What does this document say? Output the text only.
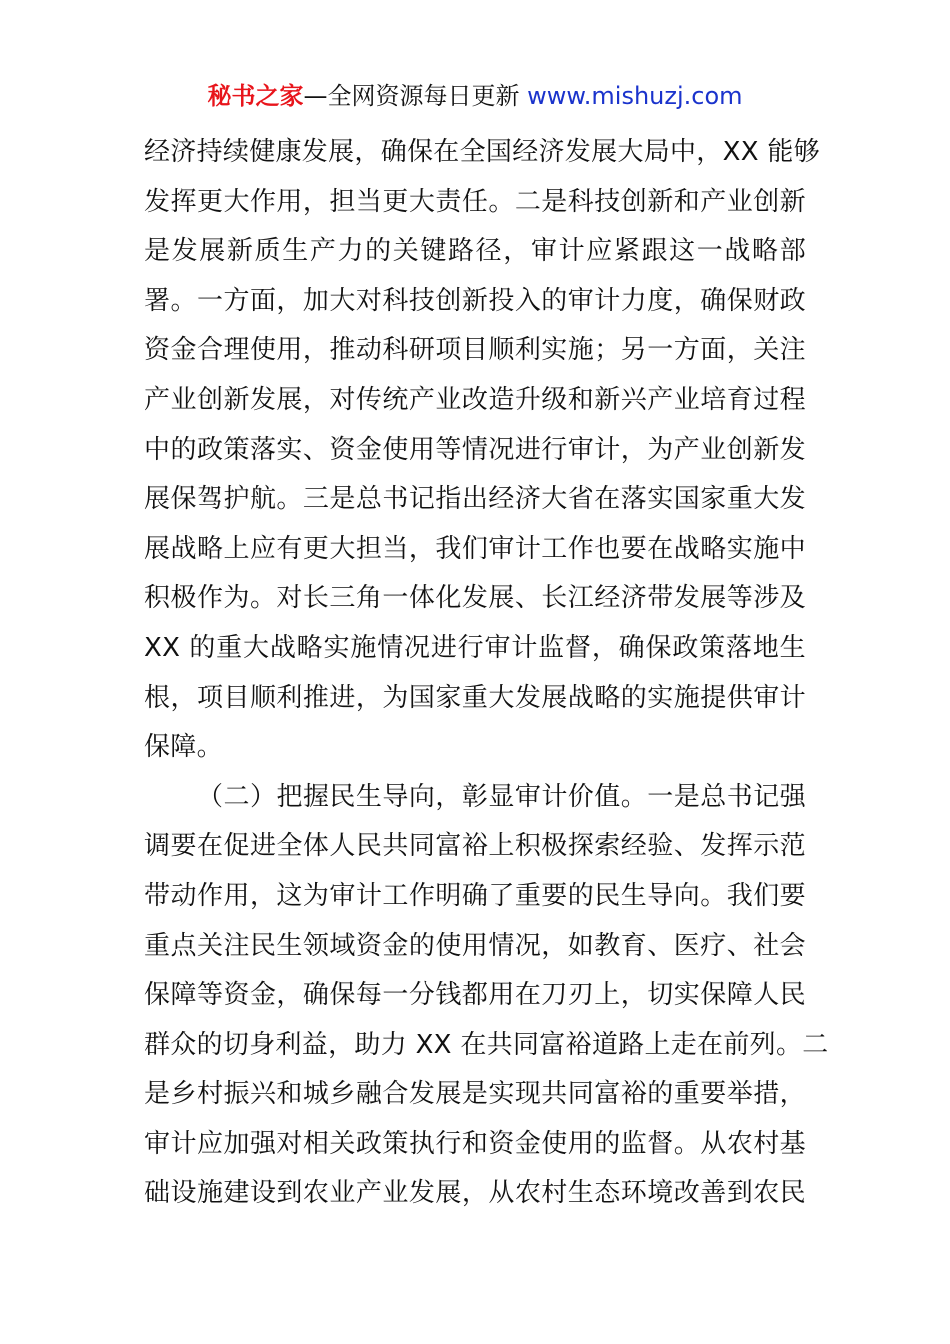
秘书之家—全网资源每日更新 www.mishuzj.com
经济持续健康发展，确保在全国经济发展大局中，XX 能够
发挥更大作用，担当更大责任。二是科技创新和产业创新
是发展新质生产力的关键路径，审计应紧跟这一战略部
署。一方面，加大对科技创新投入的审计力度，确保财政
资金合理使用，推动科研项目顺利实施；另一方面，关注
产业创新发展，对传统产业改造升级和新兴产业培育过程
中的政策落实、资金使用等情况进行审计，为产业创新发
展保驾护航。三是总书记指出经济大省在落实国家重大发
展战略上应有更大担当，我们审计工作也要在战略实施中
积极作为。对长三角一体化发展、长江经济带发展等涉及
XX 的重大战略实施情况进行审计监督，确保政策落地生
根，项目顺利推进，为国家重大发展战略的实施提供审计
保障。
（二）把握民生导向，彰显审计价值。一是总书记强
调要在促进全体人民共同富裕上积极探索经验、发挥示范
带动作用，这为审计工作明确了重要的民生导向。我们要
重点关注民生领域资金的使用情况，如教育、医疗、社会
保障等资金，确保每一分钱都用在刀刃上，切实保障人民
群众的切身利益，助力 XX 在共同富裕道路上走在前列。二
是乡村振兴和城乡融合发展是实现共同富裕的重要举措，
审计应加强对相关政策执行和资金使用的监督。从农村基
础设施建设到农业产业发展，从农村生态环境改善到农民
